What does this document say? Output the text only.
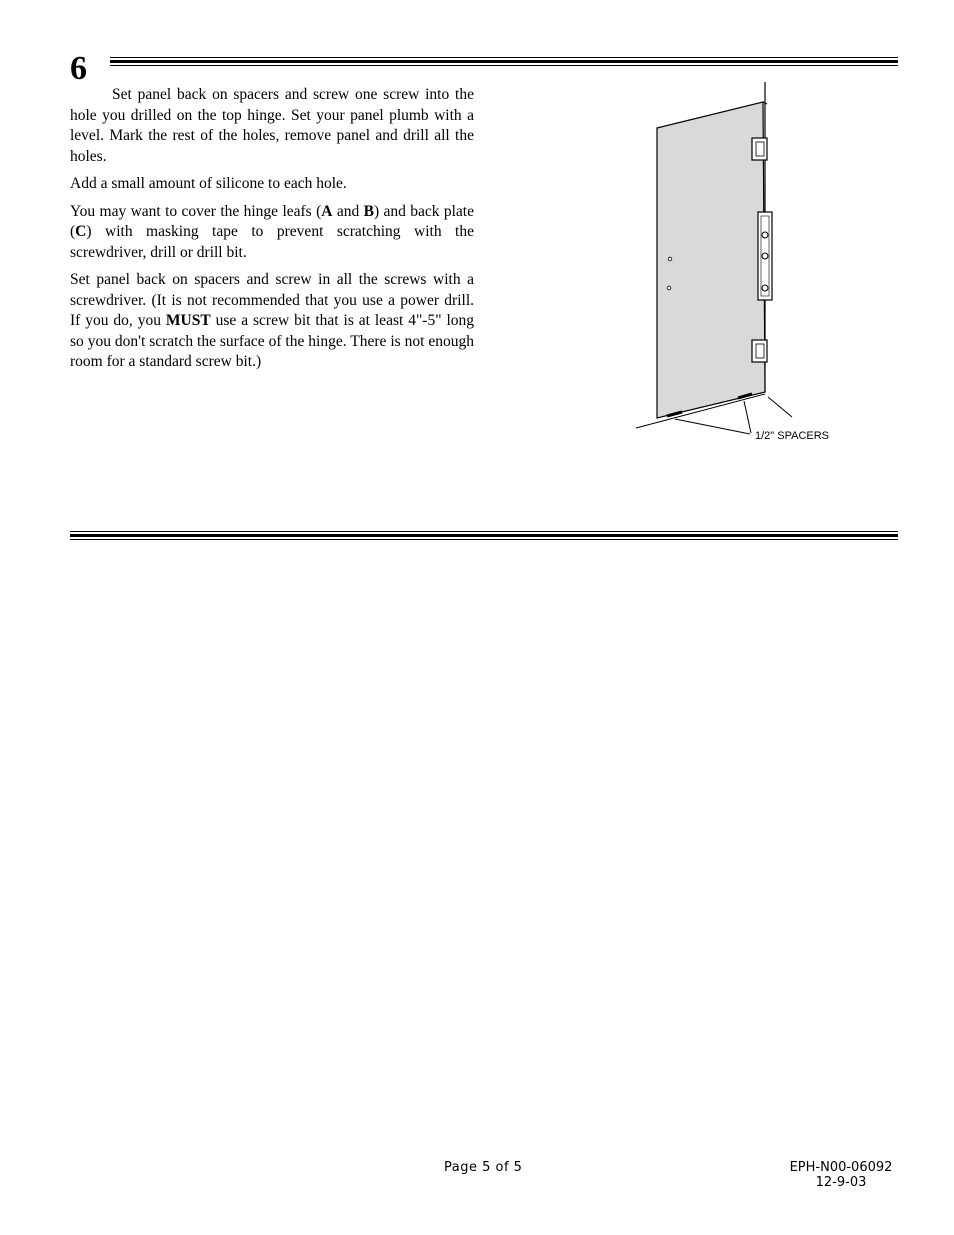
6

Set panel back on spacers and screw one screw into the hole you drilled on the top hinge. Set your panel plumb with a level. Mark the rest of the holes, remove panel and drill all the holes.

Add a small amount of silicone to each hole.

You may want to cover the hinge leafs (A and B) and back plate (C) with masking tape to prevent scratching with the screwdriver, drill or drill bit.

Set panel back on spacers and screw in all the screws with a screwdriver. (It is not recommended that you use a power drill. If you do, you MUST use a screw bit that is at least 4"-5" long so you don't scratch the surface of the hinge. There is not enough room for a standard screw bit.)

1/2" SPACERS
Page 5 of 5	EPH-N00-06092
12-9-03
